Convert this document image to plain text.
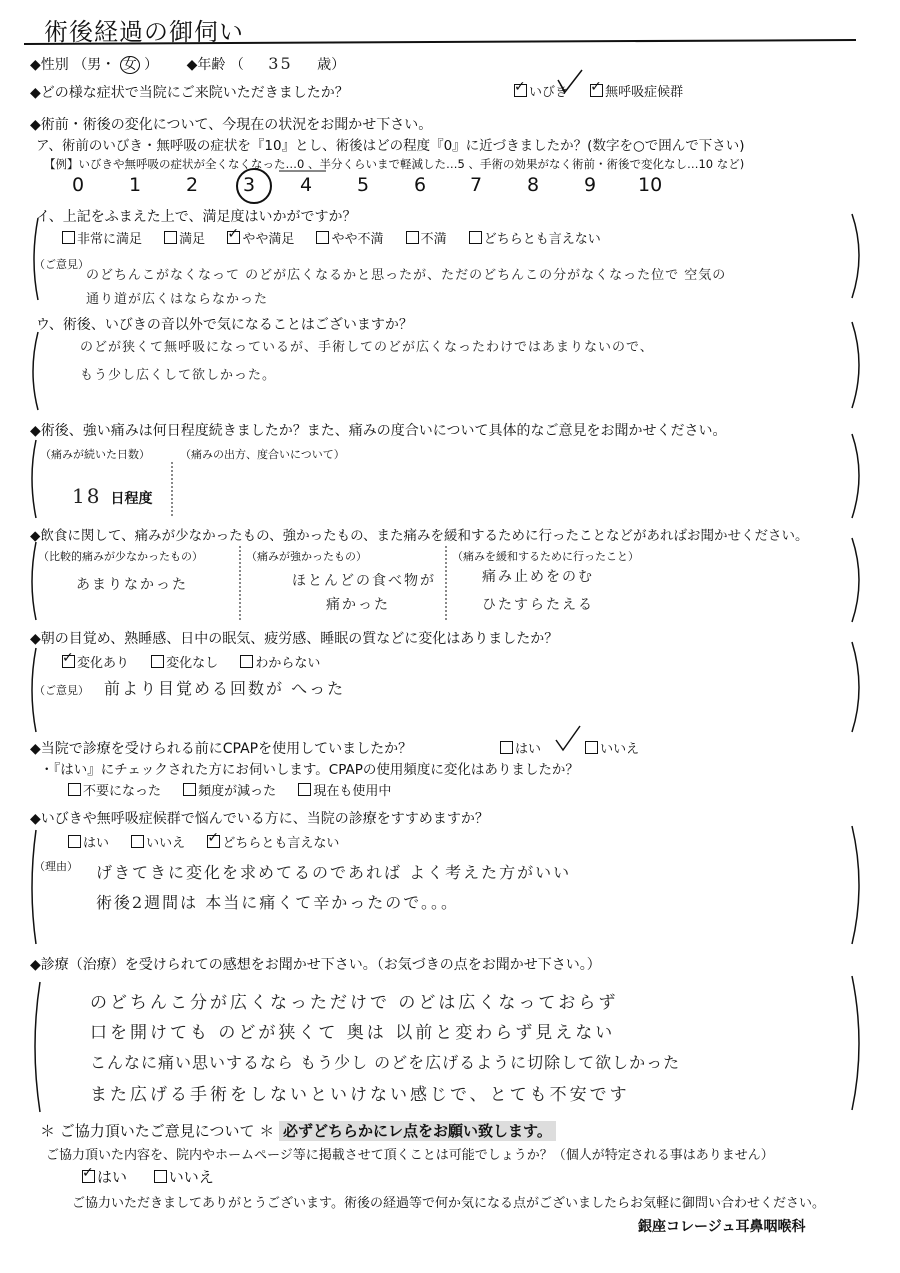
術後経過の御伺い
◆性別 （男・ 女 ） ◆年齢 （ 35 歳）
◆どの様な症状で当院にご来院いただきましたか？ ✓	いびき ✓	無呼吸症候群
◆術前・術後の変化について、今現在の状況をお聞かせ下さい。
ア、術前のいびき・無呼吸の症状を『10』とし、術後はどの程度『0』に近づきましたか？(数字を○で囲んで下さい)
【例】いびきや無呼吸の症状が全くなくなった…0 、半分くらいまで軽減した…5 、手術の効果がなく術前・術後で変化なし…10 など)
0 1 2 3 4 5 6 7 8 9 10
イ、上記をふまえた上で、満足度はいかがですか？
非常に満足	満足 ✓	やや満足	やや不満	不満	どちらとも言えない
（ご意見）
のどちんこがなくなって のどが広くなるかと思ったが、ただのどちんこの分がなくなった位で 空気の
通り道が広くはならなかった
ウ、術後、いびきの音以外で気になることはございますか？
のどが狭くて無呼吸になっているが、手術してのどが広くなったわけではあまりないので、
もう少し広くして欲しかった。
◆術後、強い痛みは何日程度続きましたか？また、痛みの度合いについて具体的なご意見をお聞かせください。
（痛みが続いた日数）	（痛みの出方、度合いについて）
18 日程度
◆飲食に関して、痛みが少なかったもの、強かったもの、また痛みを緩和するために行ったことなどがあればお聞かせください。
（比較的痛みが少なかったもの）
あまりなかった
（痛みが強かったもの）
ほとんどの食べ物が
痛かった
（痛みを緩和するために行ったこと）
痛み止めをのむ
ひたすらたえる
◆朝の目覚め、熟睡感、日中の眠気、疲労感、睡眠の質などに変化はありましたか？
✓変化あり	変化なし	わからない
（ご意見） 前より目覚める回数が へった
◆当院で診療を受けられる前にCPAPを使用していましたか？	はい	いいえ
・『はい』にチェックされた方にお伺いします。CPAPの使用頻度に変化はありましたか？
不要になった	頻度が減った	現在も使用中
◆いびきや無呼吸症候群で悩んでいる方に、当院の診療をすすめますか？
はい	いいえ ✓	どちらとも言えない
（理由） げきてきに変化を求めてるのであれば よく考えた方がいい
術後2週間は 本当に痛くて辛かったので。。。
◆診療（治療）を受けられての感想をお聞かせ下さい。（お気づきの点をお聞かせ下さい。）
のどちんこ分が広くなっただけで のどは広くなっておらず
口を開けても のどが狭くて 奥は 以前と変わらず見えない
こんなに痛い思いするなら もう少し のどを広げるように切除して欲しかった
また広げる手術をしないといけない感じで、とても不安です
＊ ご協力頂いたご意見について ＊ 必ずどちらかにレ点をお願い致します。
ご協力頂いた内容を、院内やホームページ等に掲載させて頂くことは可能でしょうか？（個人が特定される事はありません）
✓はい	いいえ
ご協力いただきましてありがとうございます。術後の経過等で何か気になる点がございましたらお気軽に御問い合わせください。
銀座コレージュ耳鼻咽喉科
